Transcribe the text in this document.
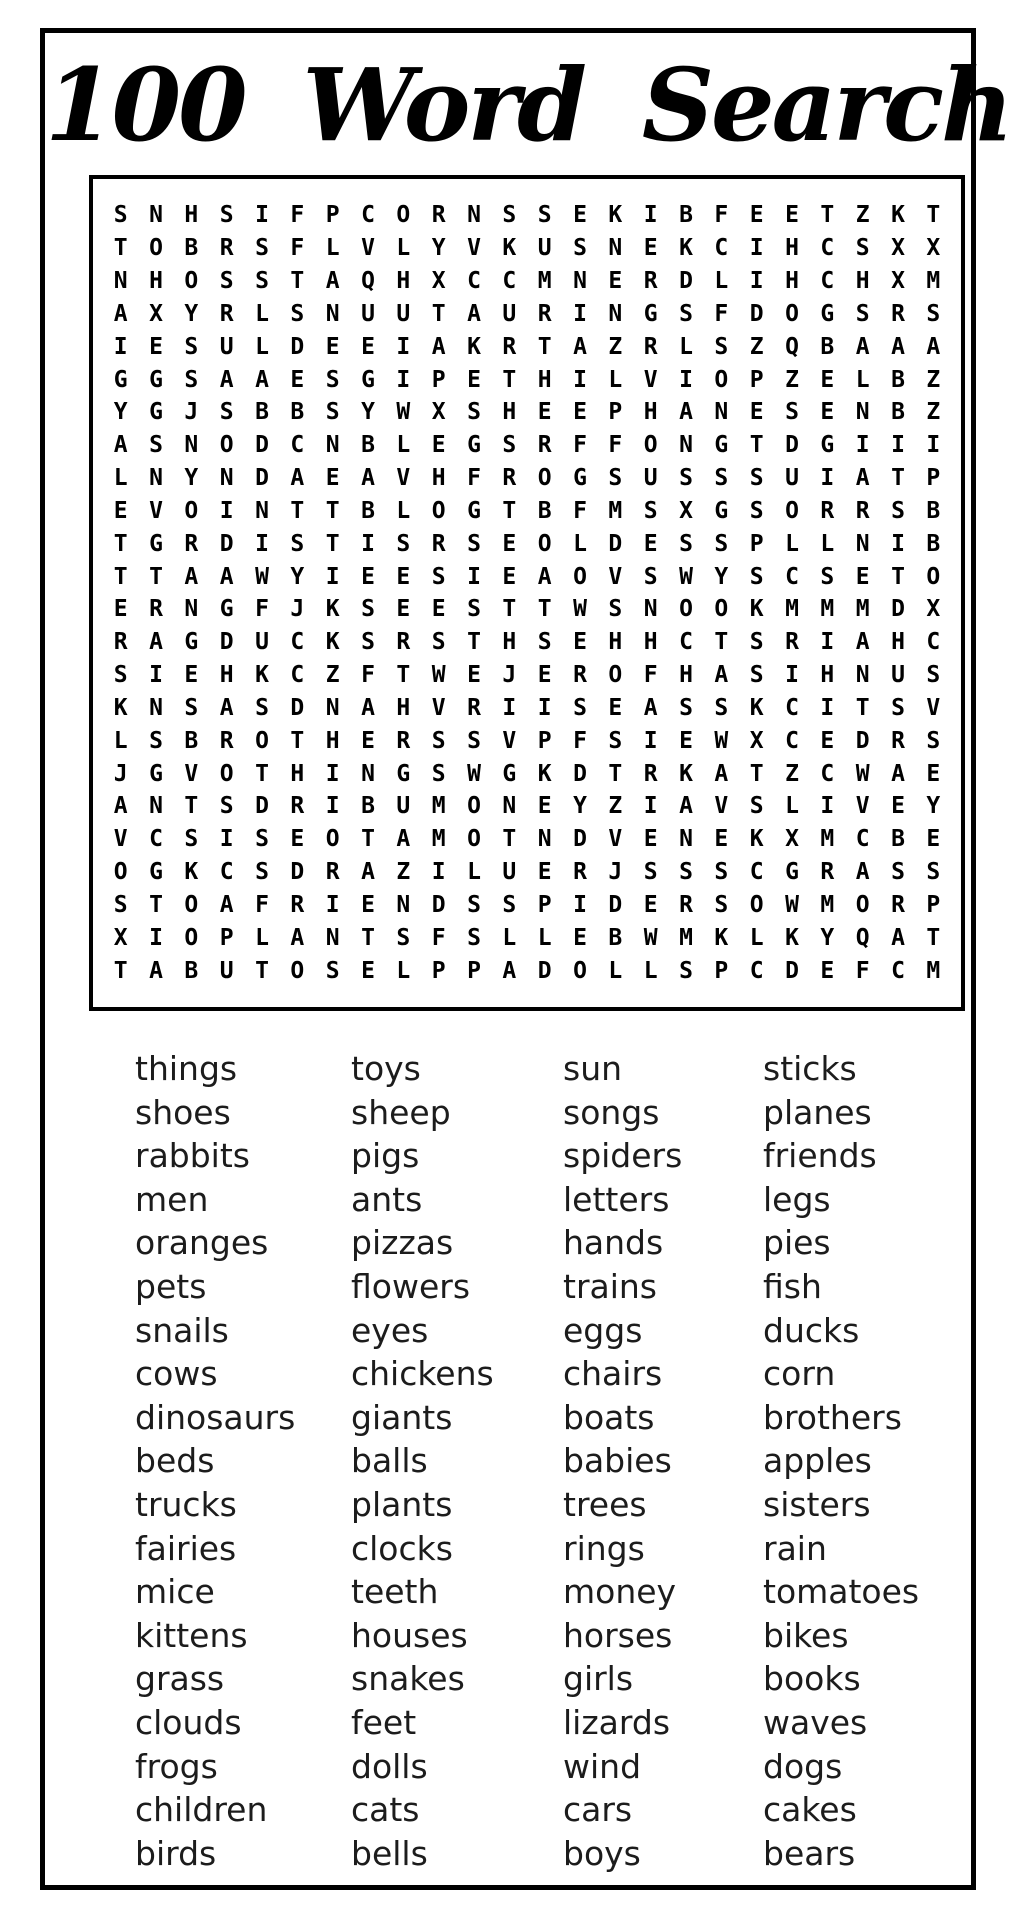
100 Word Search
S N H S I F P C O R N S S E K I B F E E T Z K T
T O B R S F L V L Y V K U S N E K C I H C S X X
N H O S S T A Q H X C C M N E R D L I H C H X M
A X Y R L S N U U T A U R I N G S F D O G S R S
I E S U L D E E I A K R T A Z R L S Z Q B A A A
G G S A A E S G I P E T H I L V I O P Z E L B Z
Y G J S B B S Y W X S H E E P H A N E S E N B Z
A S N O D C N B L E G S R F F O N G T D G I I I
L N Y N D A E A V H F R O G S U S S S U I A T P
E V O I N T T B L O G T B F M S X G S O R R S B
T G R D I S T I S R S E O L D E S S P L L N I B
T T A A W Y I E E S I E A O V S W Y S C S E T O
E R N G F J K S E E S T T W S N O O K M M M D X
R A G D U C K S R S T H S E H H C T S R I A H C
S I E H K C Z F T W E J E R O F H A S I H N U S
K N S A S D N A H V R I I S E A S S K C I T S V
L S B R O T H E R S S V P F S I E W X C E D R S
J G V O T H I N G S W G K D T R K A T Z C W A E
A N T S D R I B U M O N E Y Z I A V S L I V E Y
V C S I S E O T A M O T N D V E N E K X M C B E
O G K C S D R A Z I L U E R J S S S C G R A S S
S T O A F R I E N D S S P I D E R S O W M O R P
X I O P L A N T S F S L L E B W M K L K Y Q A T
T A B U T O S E L P P A D O L L S P C D E F C M
things
shoes
rabbits
men
oranges
pets
snails
cows
dinosaurs
beds
trucks
fairies
mice
kittens
grass
clouds
frogs
children
birds
toys
sheep
pigs
ants
pizzas
flowers
eyes
chickens
giants
balls
plants
clocks
teeth
houses
snakes
feet
dolls
cats
bells
sun
songs
spiders
letters
hands
trains
eggs
chairs
boats
babies
trees
rings
money
horses
girls
lizards
wind
cars
boys
sticks
planes
friends
legs
pies
fish
ducks
corn
brothers
apples
sisters
rain
tomatoes
bikes
books
waves
dogs
cakes
bears
